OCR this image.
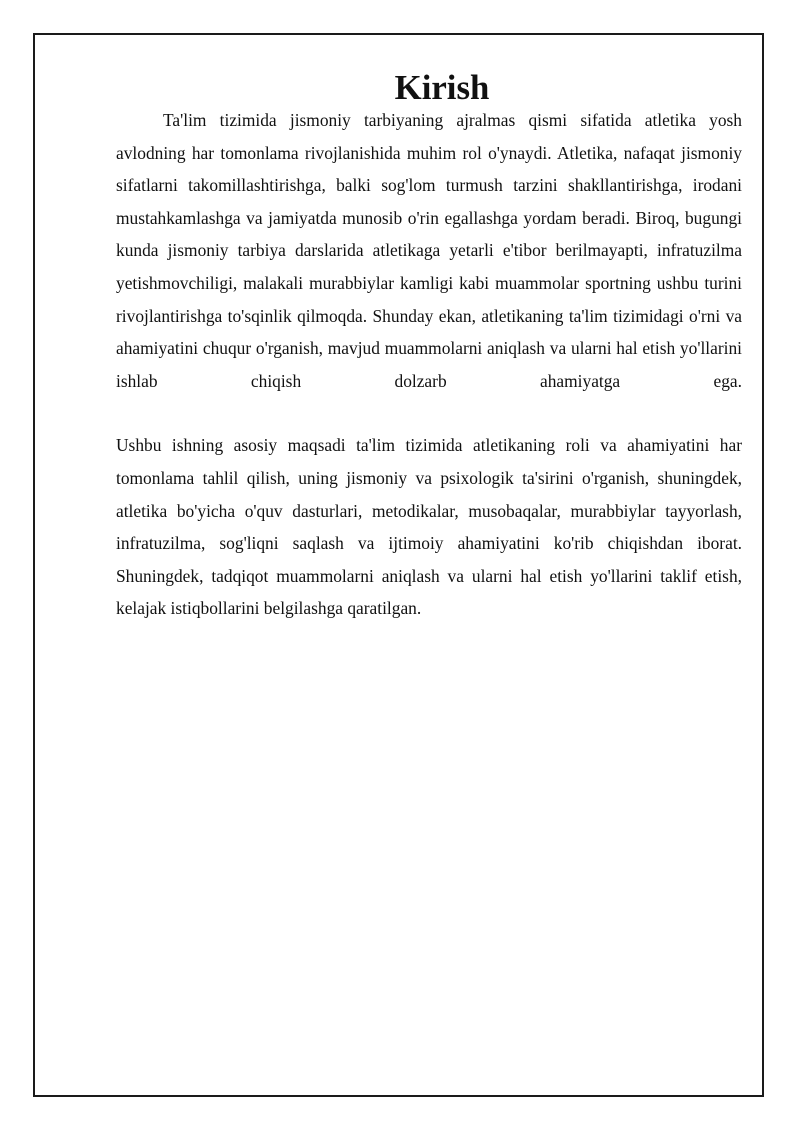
Kirish

Ta'lim tizimida jismoniy tarbiyaning ajralmas qismi sifatida atletika yosh avlodning har tomonlama rivojlanishida muhim rol o'ynaydi. Atletika, nafaqat jismoniy sifatlarni takomillashtirishga, balki sog'lom turmush tarzini shakllantirishga, irodani mustahkamlashga va jamiyatda munosib o'rin egallashga yordam beradi. Biroq, bugungi kunda jismoniy tarbiya darslarida atletikaga yetarli e'tibor berilmayapti, infratuzilma yetishmovchiligi, malakali murabbiylar kamligi kabi muammolar sportning ushbu turini rivojlantirishga to'sqinlik qilmoqda. Shunday ekan, atletikaning ta'lim tizimidagi o'rni va ahamiyatini chuqur o'rganish, mavjud muammolarni aniqlash va ularni hal etish yo'llarini ishlab chiqish dolzarb ahamiyatga ega.

Ushbu ishning asosiy maqsadi ta'lim tizimida atletikaning roli va ahamiyatini har tomonlama tahlil qilish, uning jismoniy va psixologik ta'sirini o'rganish, shuningdek, atletika bo'yicha o'quv dasturlari, metodikalar, musobaqalar, murabbiylar tayyorlash, infratuzilma, sog'liqni saqlash va ijtimoiy ahamiyatini ko'rib chiqishdan iborat. Shuningdek, tadqiqot muammolarni aniqlash va ularni hal etish yo'llarini taklif etish, kelajak istiqbollarini belgilashga qaratilgan.
